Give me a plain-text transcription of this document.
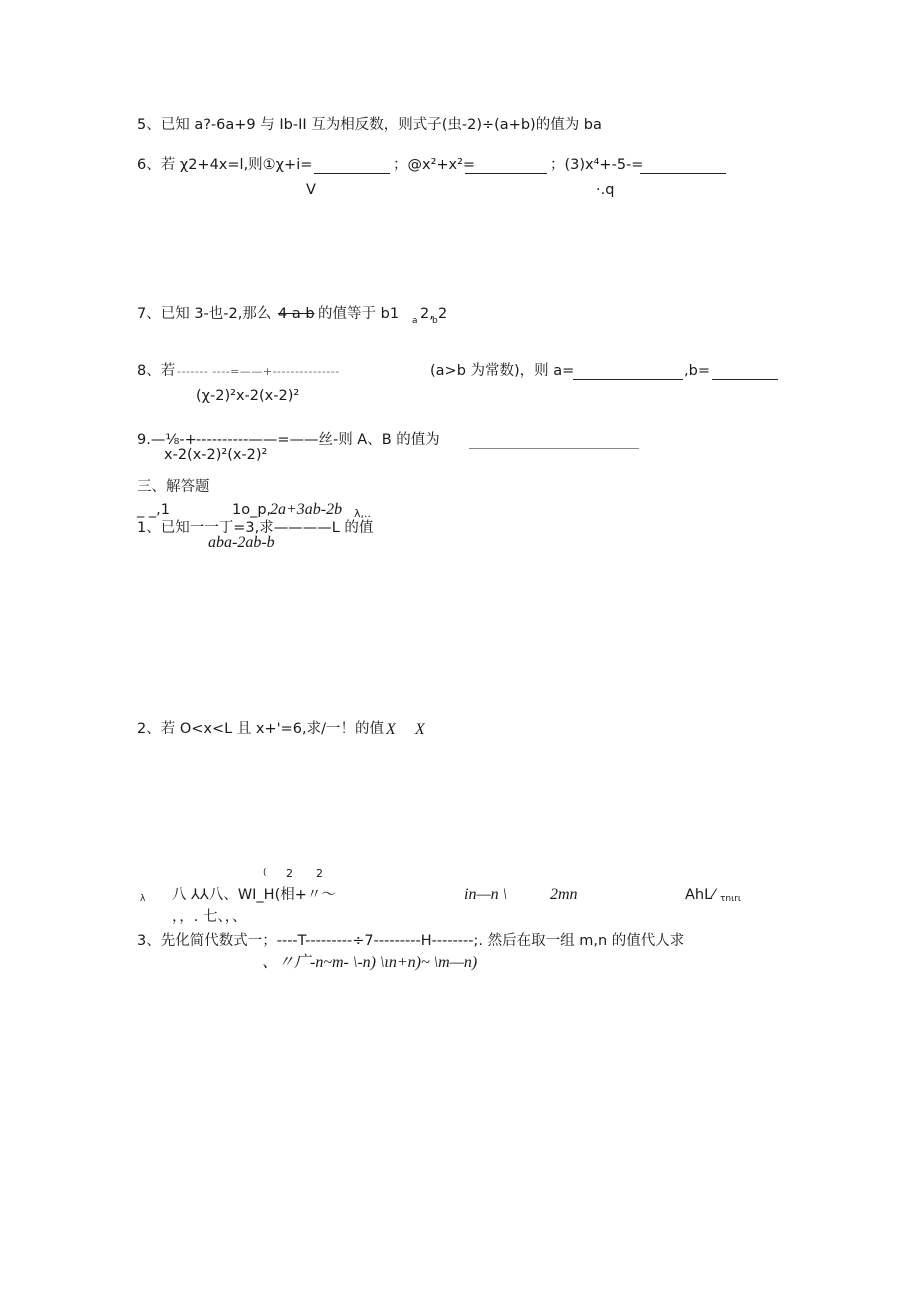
5、已知 a?-6a+9 与 Ib-II 互为相反数，则式子(虫-2)÷(a+b)的值为 ba
6、若 χ2+4x=l,则①χ+i=	；@x²+x²=	；(3)x⁴+-5-=
V	·.q
7、已知 3-也-2,那么 4 a b 的值等于 b1 a 2,
b 2
8、若 ------- ----=——+---------------	(a>b 为常数)，则 a=	,b=
(χ-2)²x-2(x-2)²
9.—⅛-+ ----------——=——丝-则 A、B 的值为
x-2(x-2)²(x-2)²
三、解答题
_ _,1	1o_p,
2a+3ab-2b λ,..
1、已知一一丁=3,求————L 的值
aba-2ab-b
2、若 O<x<L 且 x+'=6,求/一！的值 X X
( 2 2
λ 八 ⅄⅄八、WI_H(相+〃〜	in—n \	2mn	AhL⁄ τnιrι
，，. 七、，、
3、先化简代数式一；----T---------÷7---------H--------;. 然后在取一组 m,n 的值代人求
、〃广-n~m- \-n) \ιn+n)~ \m—n)
